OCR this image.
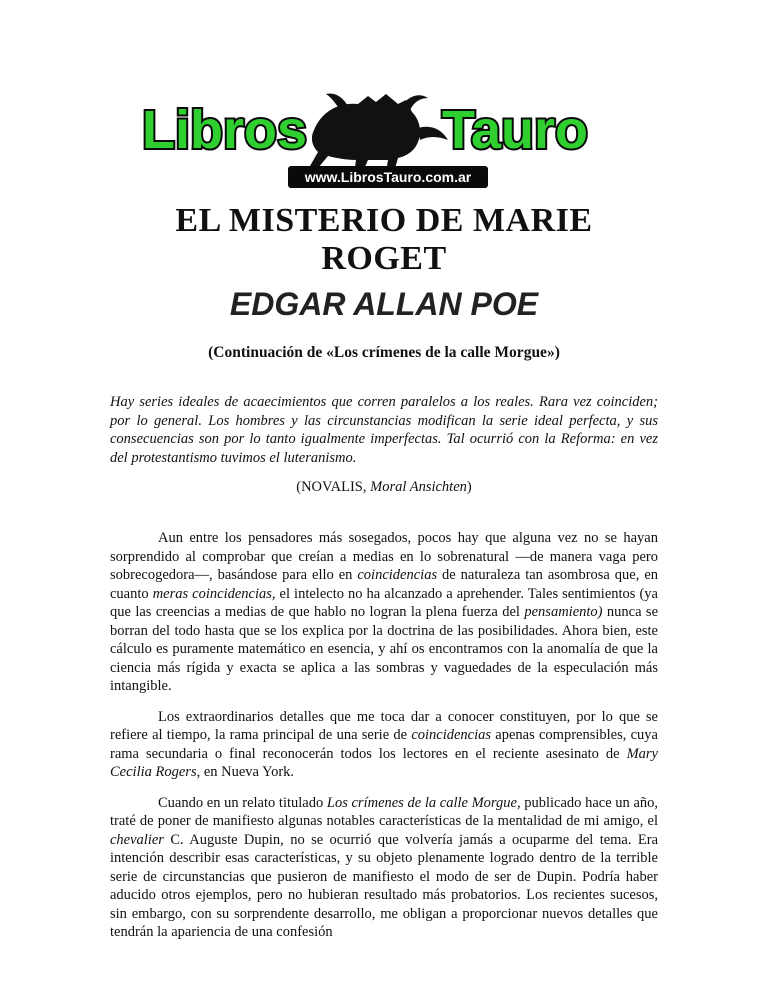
Libros Tauro
www.LibrosTauro.com.ar
EL MISTERIO DE MARIE ROGET
EDGAR ALLAN POE

(Continuación de «Los crímenes de la calle Morgue»)

Hay series ideales de acaecimientos que corren paralelos a los reales. Rara vez coinciden; por lo general. Los hombres y las circunstancias modifican la serie ideal perfecta, y sus consecuencias son por lo tanto igualmente imperfectas. Tal ocurrió con la Reforma: en vez del protestantismo tuvimos el luteranismo.

(NOVALIS, Moral Ansichten)

Aun entre los pensadores más sosegados, pocos hay que alguna vez no se hayan sorprendido al comprobar que creían a medias en lo sobrenatural —de manera vaga pero sobrecogedora—, basándose para ello en coincidencias de naturaleza tan asombrosa que, en cuanto meras coincidencias, el intelecto no ha alcanzado a aprehender. Tales sentimientos (ya que las creencias a medias de que hablo no logran la plena fuerza del pensamiento) nunca se borran del todo hasta que se los explica por la doctrina de las posibilidades. Ahora bien, este cálculo es puramente matemático en esencia, y ahí os encontramos con la anomalía de que la ciencia más rígida y exacta se aplica a las sombras y vaguedades de la especulación más intangible.

Los extraordinarios detalles que me toca dar a conocer constituyen, por lo que se refiere al tiempo, la rama principal de una serie de coincidencias apenas comprensibles, cuya rama secundaria o final reconocerán todos los lectores en el reciente asesinato de Mary Cecilia Rogers, en Nueva York.

Cuando en un relato titulado Los crímenes de la calle Morgue, publicado hace un año, traté de poner de manifiesto algunas notables características de la mentalidad de mi amigo, el chevalier C. Auguste Dupin, no se ocurrió que volvería jamás a ocuparme del tema. Era intención describir esas características, y su objeto plenamente logrado dentro de la terrible serie de circunstancias que pusieron de manifiesto el modo de ser de Dupin. Podría haber aducido otros ejemplos, pero no hubieran resultado más probatorios. Los recientes sucesos, sin embargo, con su sorprendente desarrollo, me obligan a proporcionar nuevos detalles que tendrán la apariencia de una confesión
